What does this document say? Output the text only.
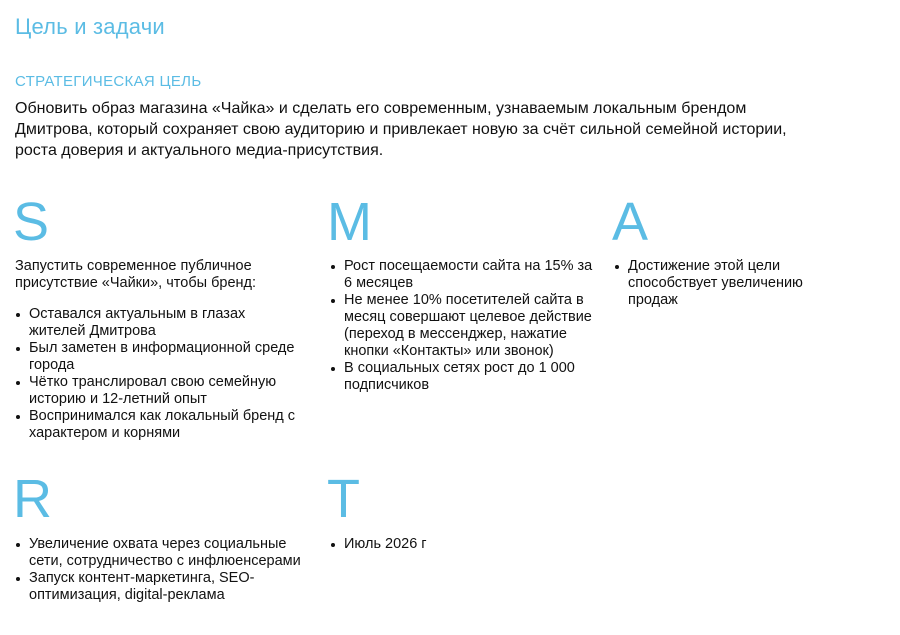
Цель и задачи
СТРАТЕГИЧЕСКАЯ ЦЕЛЬ
Обновить образ магазина «Чайка» и сделать его современным, узнаваемым локальным брендом Дмитрова, который сохраняет свою аудиторию и привлекает новую за счёт сильной семейной истории, роста доверия и актуального медиа-присутствия.
S

Запустить современное публичное присутствие «Чайки», чтобы бренд:

Оставался актуальным в глазах жителей Дмитрова
Был заметен в информационной среде города
Чётко транслировал свою семейную историю и 12-летний опыт
Воспринимался как локальный бренд с характером и корнями
M
Рост посещаемости сайта на 15% за 6 месяцев
Не менее 10% посетителей сайта в месяц совершают целевое действие (переход в мессенджер, нажатие кнопки «Контакты» или звонок)
В социальных сетях рост до 1 000 подписчиков
A
Достижение этой цели способствует увеличению продаж
R
Увеличение охвата через социальные сети, сотрудничество с инфлюенсерами
Запуск контент-маркетинга, SEO-оптимизация, digital-реклама
T
Июль 2026 г
